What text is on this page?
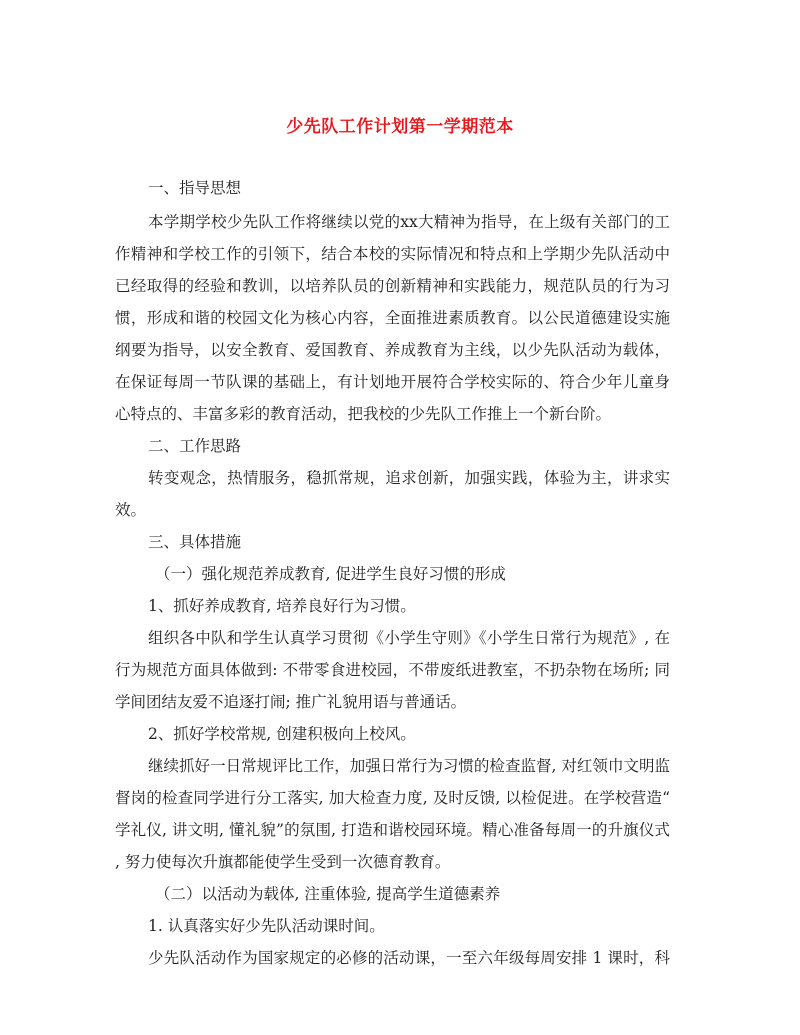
少先队工作计划第一学期范本
一、指导思想
本学期学校少先队工作将继续以党的xx大精神为指导，在上级有关部门的工
作精神和学校工作的引领下，结合本校的实际情况和特点和上学期少先队活动中
已经取得的经验和教训，以培养队员的创新精神和实践能力，规范队员的行为习
惯，形成和谐的校园文化为核心内容，全面推进素质教育。以公民道德建设实施
纲要为指导，以安全教育、爱国教育、养成教育为主线，以少先队活动为载体，
在保证每周一节队课的基础上，有计划地开展符合学校实际的、符合少年儿童身
心特点的、丰富多彩的教育活动，把我校的少先队工作推上一个新台阶。
二、工作思路
转变观念，热情服务，稳抓常规，追求创新，加强实践，体验为主，讲求实
效。
三、具体措施
（一）强化规范养成教育, 促进学生良好习惯的形成
1、抓好养成教育, 培养良好行为习惯。
组织各中队和学生认真学习贯彻《小学生守则》《小学生日常行为规范》, 在
行为规范方面具体做到: 不带零食进校园，不带废纸进教室，不扔杂物在场所; 同
学间团结友爱不追逐打闹; 推广礼貌用语与普通话。
2、抓好学校常规, 创建积极向上校风。
继续抓好一日常规评比工作，加强日常行为习惯的检查监督, 对红领巾文明监
督岗的检查同学进行分工落实, 加大检查力度, 及时反馈, 以检促进。在学校营造“
学礼仪, 讲文明, 懂礼貌”的氛围, 打造和谐校园环境。精心准备每周一的升旗仪式
, 努力使每次升旗都能使学生受到一次德育教育。
（二）以活动为载体, 注重体验, 提高学生道德素养
1. 认真落实好少先队活动课时间。
少先队活动作为国家规定的必修的活动课，一至六年级每周安排 1 课时，科
